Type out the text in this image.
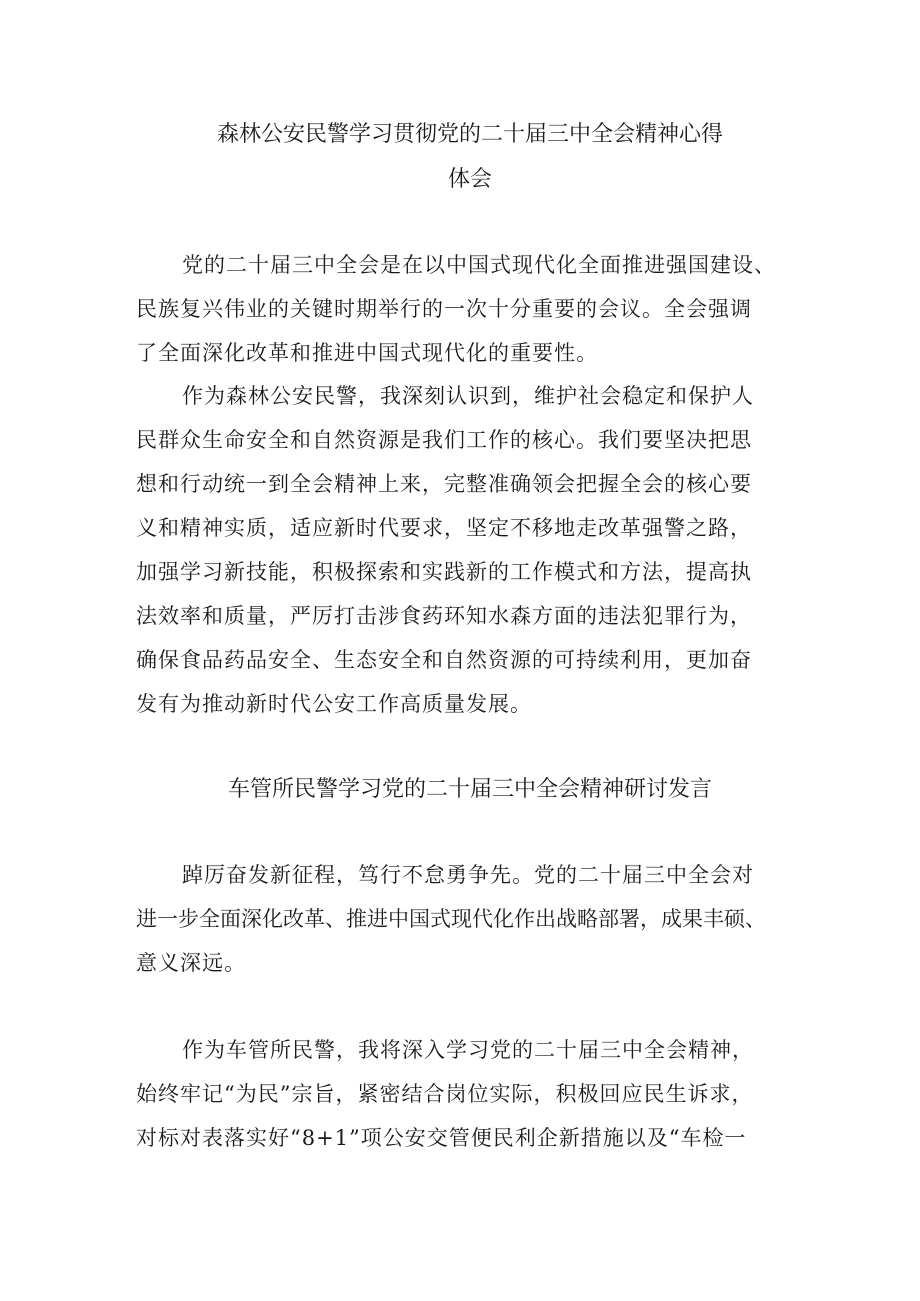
森林公安民警学习贯彻党的二十届三中全会精神心得
体会

党的二十届三中全会是在以中国式现代化全面推进强国建设、
民族复兴伟业的关键时期举行的一次十分重要的会议。全会强调
了全面深化改革和推进中国式现代化的重要性。

作为森林公安民警，我深刻认识到，维护社会稳定和保护人
民群众生命安全和自然资源是我们工作的核心。我们要坚决把思
想和行动统一到全会精神上来，完整准确领会把握全会的核心要
义和精神实质，适应新时代要求，坚定不移地走改革强警之路，
加强学习新技能，积极探索和实践新的工作模式和方法，提高执
法效率和质量，严厉打击涉食药环知水森方面的违法犯罪行为，
确保食品药品安全、生态安全和自然资源的可持续利用，更加奋
发有为推动新时代公安工作高质量发展。

车管所民警学习党的二十届三中全会精神研讨发言

踔厉奋发新征程，笃行不怠勇争先。党的二十届三中全会对
进一步全面深化改革、推进中国式现代化作出战略部署，成果丰硕、
意义深远。

作为车管所民警，我将深入学习党的二十届三中全会精神，
始终牢记“为民”宗旨，紧密结合岗位实际，积极回应民生诉求，
对标对表落实好“8+1”项公安交管便民利企新措施以及“车检一
